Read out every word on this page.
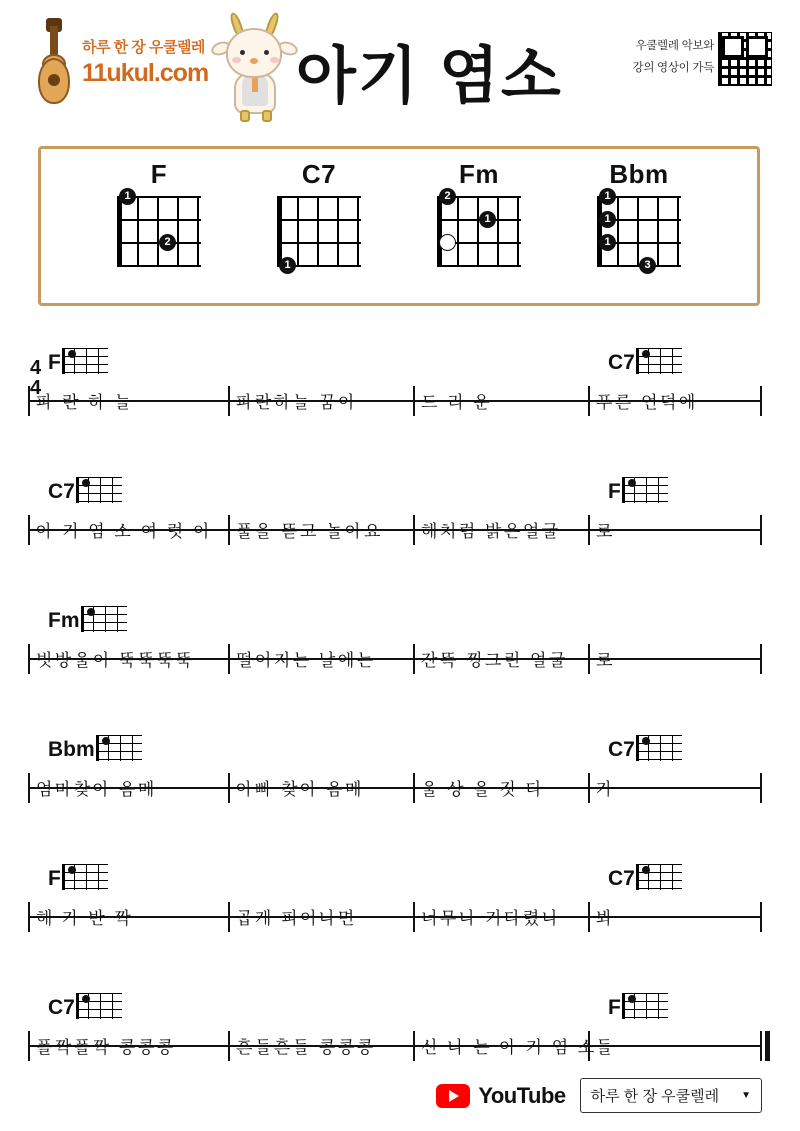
하루 한 장 우쿨렐레
11ukul.com 아기 염소	우쿨렐레 악보와
강의 영상이 가득
F
1
2
C7
1
Fm
2
1
Bbm
1
1
1
3
4
4
F	C7
파 란 하 늘	파란하늘 꿈이	드 리 운	푸른 언덕에
C7	F
아 기 염 소 여 럿 이 풀을 뜯고 놀아요 해처럼 밝은얼굴 로
Fm
빗방울이 뚝뚝뚝뚝 떨어지는 날에는	잔뜩 찡그린 얼굴 로
Bbm	C7
엄마찾아 음메	아빠 찾아 음메	울 상 을 짓 다	가
F	C7
해 가 반 짝	곱게 피어나면	너무나 기다렸나 봐
C7	F
폴짝폴짝 콩콩콩	흔들흔들 콩콩콩	신 나 는 아 기 염 소 들
YouTube 하루 한 장 우쿨렐레 ▼
